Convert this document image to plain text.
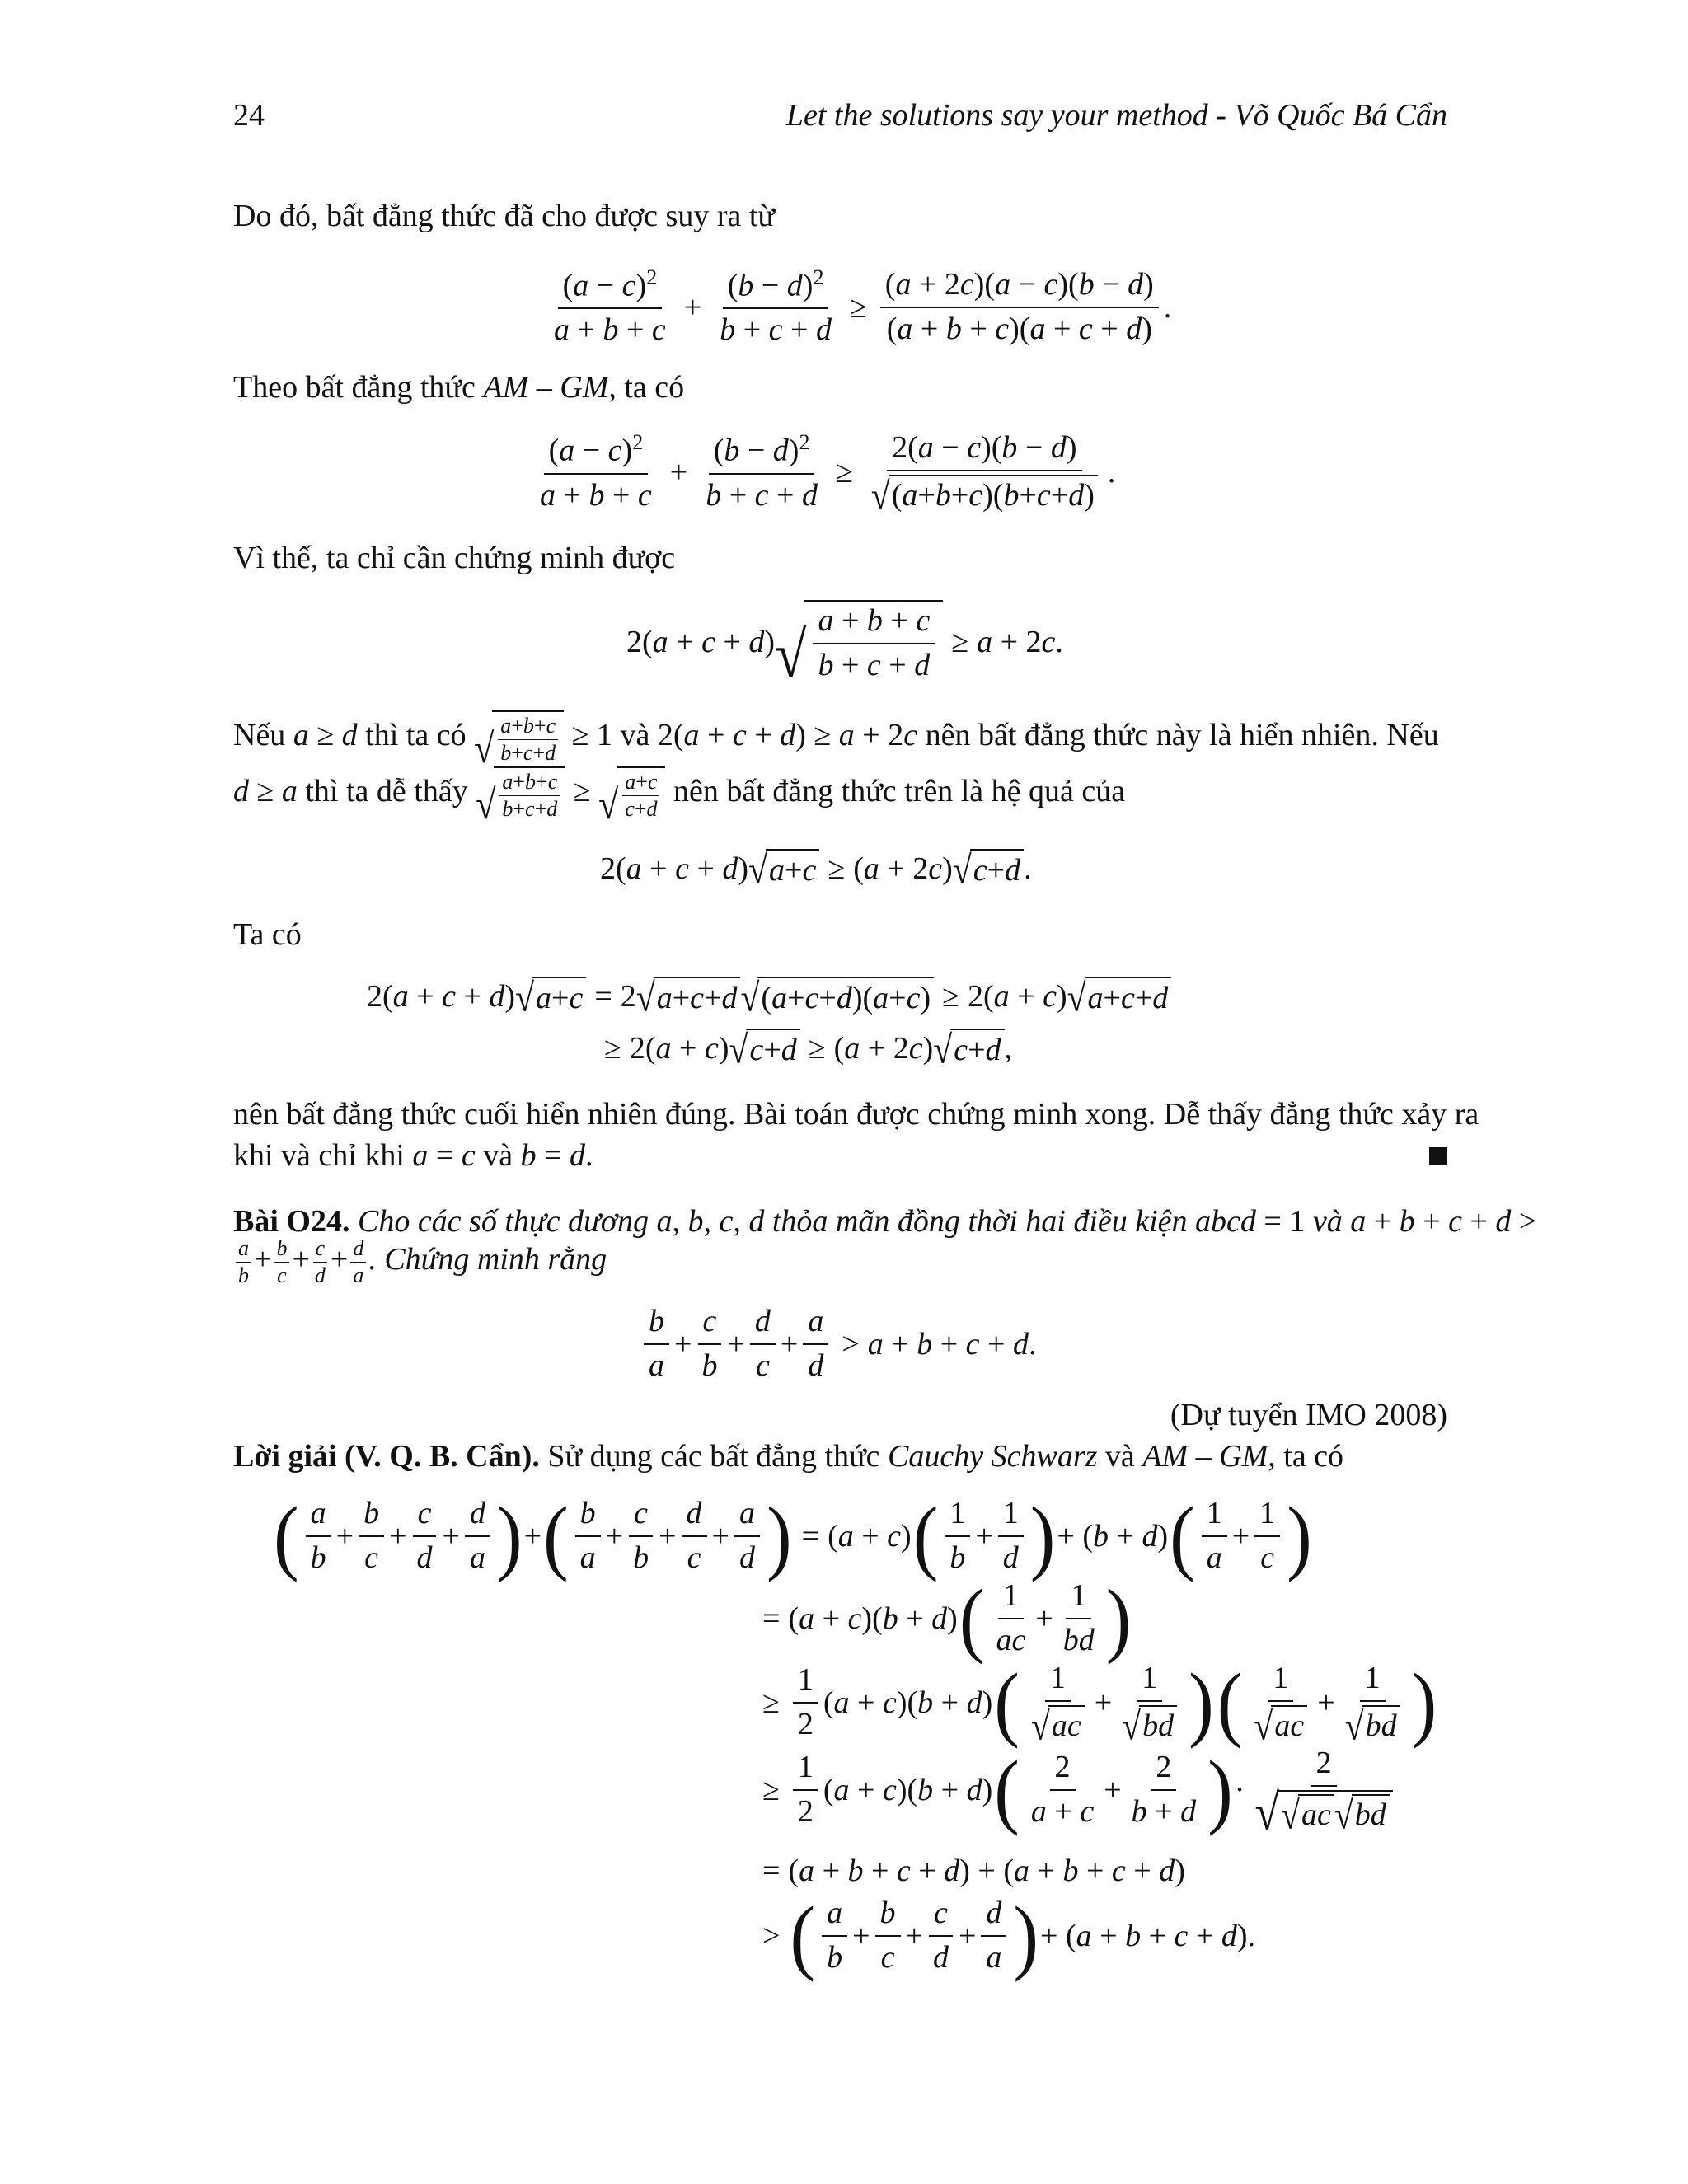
24	Let the solutions say your method - Võ Quốc Bá Cẩn
Do đó, bất đẳng thức đã cho được suy ra từ
$\frac{(a - c)^2}{a + b + c} + \frac{(b - d)^2}{b + c + d} \ge \frac{(a + 2c)(a - c)(b - d)}{(a + b + c)(a + c + d)}$ .
Theo bất đẳng thức AM – GM, ta có
$\frac{(a - c)^2}{a + b + c} + \frac{(b - d)^2}{b + c + d} \ge \frac{2(a - c)(b - d)}{√ ( a + b + c )( b + c + d )}$ .
Vì thế, ta chỉ cần chứng minh được
2(a + c + d) √ $\frac{a + b + c}{b + c + d} \ge a + 2c$.
Nếu a ≥ d thì ta có √ $\frac{a+b+c}{b+c+d} \ge 1$ và 2(a + c + d) ≥ a + 2c nên bất đẳng thức này là hiển nhiên. Nếu
d ≥ a thì ta dễ thấy √ $\frac{a+b+c}{b+c+d}$ ≥ √ $\frac{a+c}{c+d}$ nên bất đẳng thức trên là hệ quả của
2(a + c + d) √ a + c ≥ (a + 2c) √ c + d .
Ta có
2(a + c + d) √ a + c = 2 √ a + c + d √ ( a + c + d )( a + c ) ≥ 2(a + c) √ a + c + d
≥ 2(a + c) √ c + d ≥ (a + 2c) √ c + d ,
nên bất đẳng thức cuối hiển nhiên đúng. Bài toán được chứng minh xong. Dễ thấy đẳng thức xảy ra
khi và chỉ khi a = c và b = d.
Bài O24. Cho các số thực dương a, b, c, d thỏa mãn đồng thời hai điều kiện abcd = 1 và a + b + c + d >
$\frac{a}{b} + \frac{b}{c} + \frac{c}{d} + \frac{d}{a}$ . Chứng minh rằng
$\frac{b}{a} + \frac{c}{b} + \frac{d}{c} + \frac{a}{d} > a + b + c + d$.
(Dự tuyển IMO 2008)
Lời giải (V. Q. B. Cẩn). Sử dụng các bất đẳng thức Cauchy Schwarz và AM – GM, ta có
( $\frac{a}{b} + \frac{b}{c} + \frac{c}{d} + \frac{d}{a}$ ) + ( $\frac{b}{a} + \frac{c}{b} + \frac{d}{c} + \frac{a}{d}$ ) = (a + c) ( $\frac{1}{b} + \frac{1}{d}$ ) + (b + d) ( $\frac{1}{a} + \frac{1}{c}$ )
= (a + c)(b + d) ( $\frac{1}{ac} + \frac{1}{bd}$ )
≥ $\frac{1}{2} (a + c)(b + d)$ ( $\frac{1}{√ ac} + \frac{1}{√ bd}$ ) ( $\frac{1}{√ ac} + \frac{1}{√ bd}$ )
≥ $\frac{1}{2} (a + c)(b + d)$ ( $\frac{2}{a + c} + \frac{2}{b + d}$ ) · $\frac{2}{√ √ ac √ bd}$
= (a + b + c + d) + (a + b + c + d)
> ( $\frac{a}{b} + \frac{b}{c} + \frac{c}{d} + \frac{d}{a}$ ) + (a + b + c + d).
